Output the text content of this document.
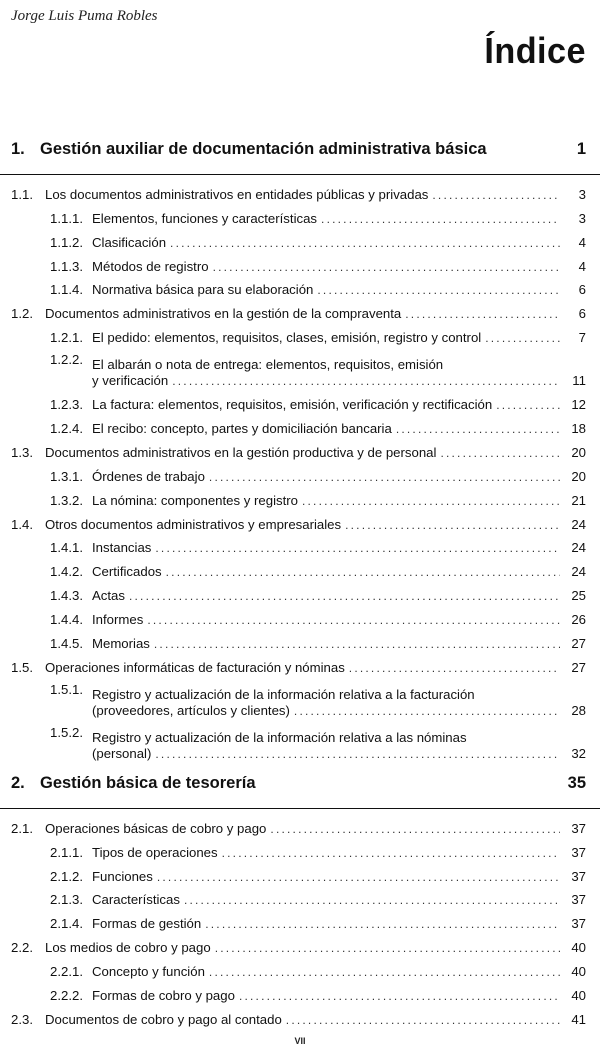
Jorge Luis Puma Robles
Índice
1. Gestión auxiliar de documentación administrativa básica	1
1.1. Los documentos administrativos en entidades públicas y privadas .....	3
1.1.1. Elementos, funciones y características .....	3
1.1.2. Clasificación .....	4
1.1.3. Métodos de registro .....	4
1.1.4. Normativa básica para su elaboración .....	6
1.2. Documentos administrativos en la gestión de la compraventa .....	6
1.2.1. El pedido: elementos, requisitos, clases, emisión, registro y control .....	7
1.2.2. El albarán o nota de entrega: elementos, requisitos, emisión
y verificación .....	11
1.2.3. La factura: elementos, requisitos, emisión, verificación y rectificación .....	12
1.2.4. El recibo: concepto, partes y domiciliación bancaria .....	18
1.3. Documentos administrativos en la gestión productiva y de personal .....	20
1.3.1. Órdenes de trabajo .....	20
1.3.2. La nómina: componentes y registro .....	21
1.4. Otros documentos administrativos y empresariales .....	24
1.4.1. Instancias .....	24
1.4.2. Certificados .....	24
1.4.3. Actas .....	25
1.4.4. Informes .....	26
1.4.5. Memorias .....	27
1.5. Operaciones informáticas de facturación y nóminas .....	27
1.5.1. Registro y actualización de la información relativa a la facturación
(proveedores, artículos y clientes) .....	28
1.5.2. Registro y actualización de la información relativa a las nóminas
(personal) .....	32
2. Gestión básica de tesorería	35
2.1. Operaciones básicas de cobro y pago .....	37
2.1.1. Tipos de operaciones .....	37
2.1.2. Funciones .....	37
2.1.3. Características .....	37
2.1.4. Formas de gestión .....	37
2.2. Los medios de cobro y pago .....	40
2.2.1. Concepto y función .....	40
2.2.2. Formas de cobro y pago .....	40
2.3. Documentos de cobro y pago al contado .....	41
VII
